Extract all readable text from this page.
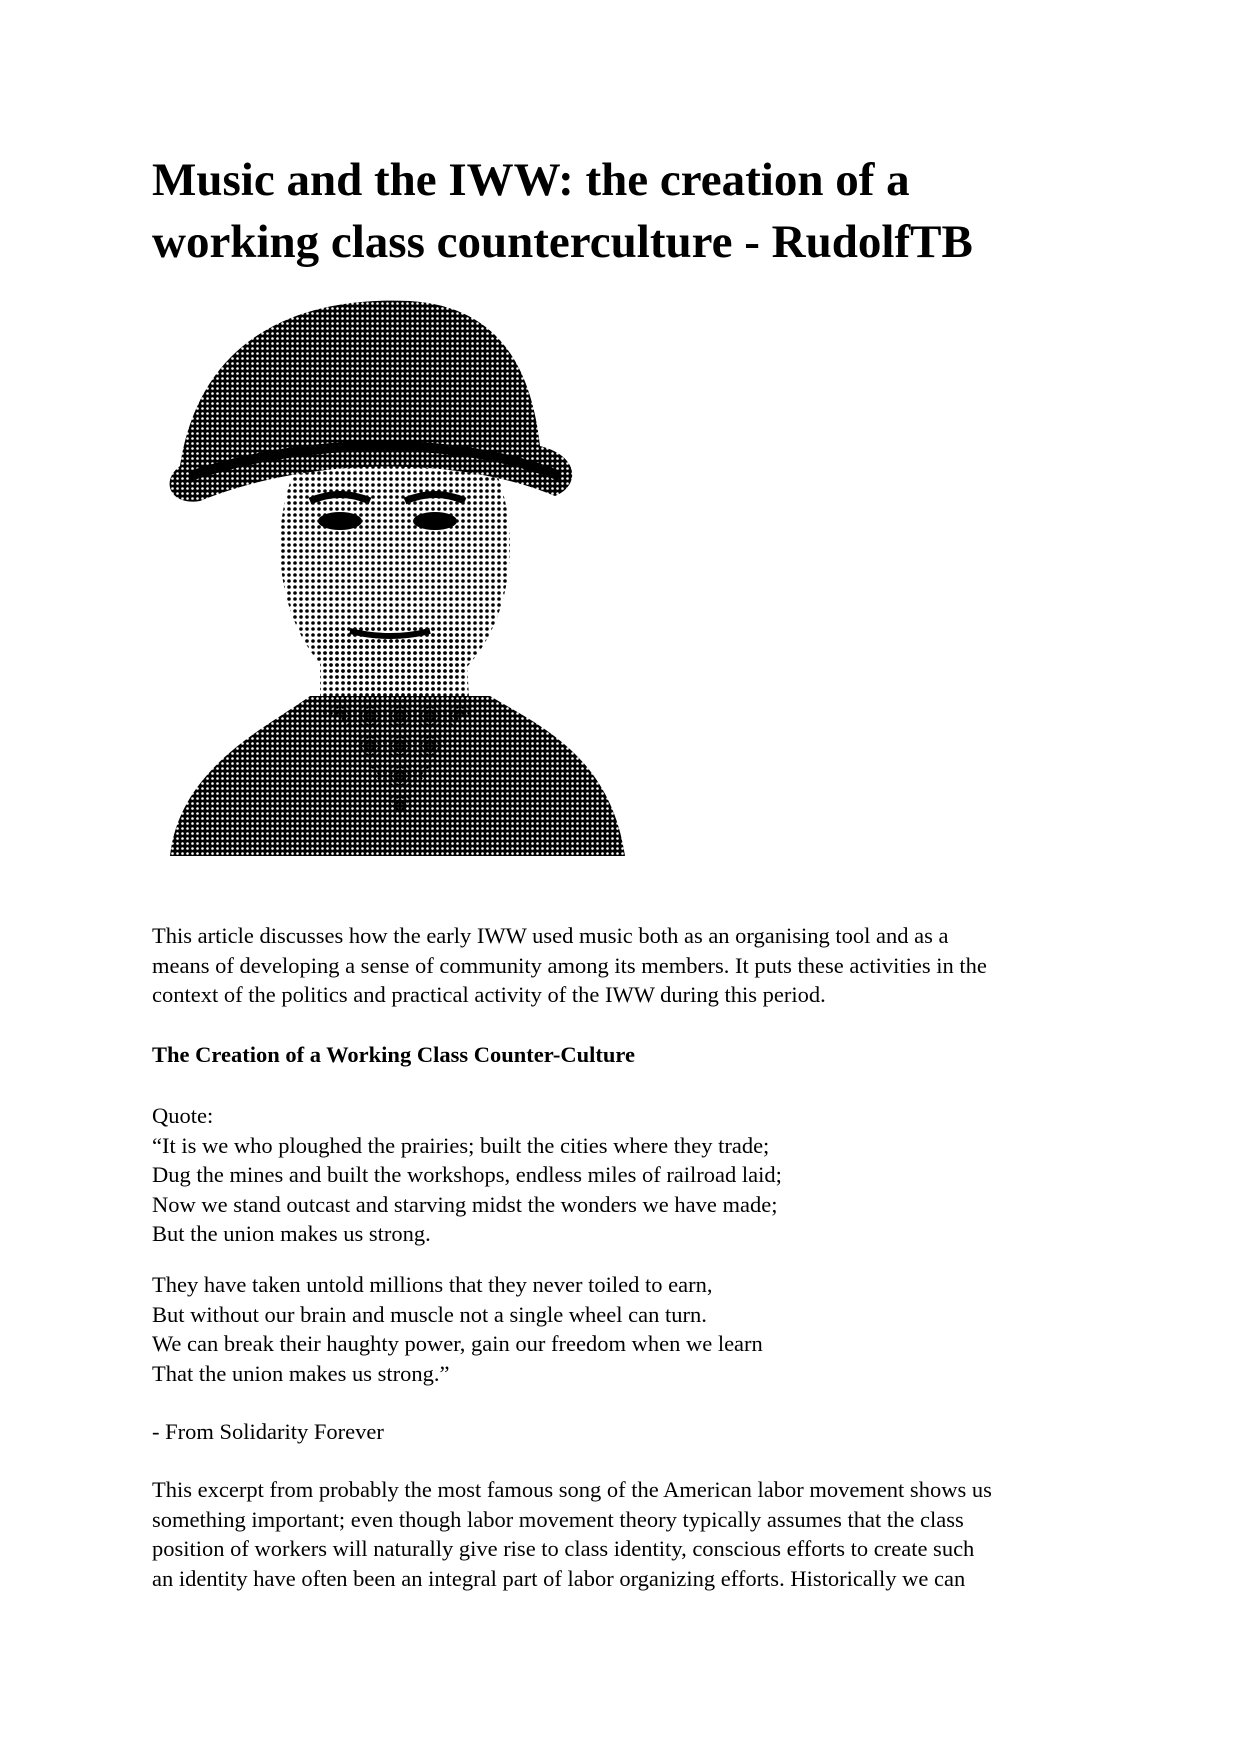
Music and the IWW: the creation of a
working class counterculture - RudolfTB
This article discusses how the early IWW used music both as an organising tool and as a
means of developing a sense of community among its members. It puts these activities in the
context of the politics and practical activity of the IWW during this period.
The Creation of a Working Class Counter-Culture
Quote:
“It is we who ploughed the prairies; built the cities where they trade;
Dug the mines and built the workshops, endless miles of railroad laid;
Now we stand outcast and starving midst the wonders we have made;
But the union makes us strong.
They have taken untold millions that they never toiled to earn,
But without our brain and muscle not a single wheel can turn.
We can break their haughty power, gain our freedom when we learn
That the union makes us strong.”
- From Solidarity Forever
This excerpt from probably the most famous song of the American labor movement shows us
something important; even though labor movement theory typically assumes that the class
position of workers will naturally give rise to class identity, conscious efforts to create such
an identity have often been an integral part of labor organizing efforts. Historically we can
